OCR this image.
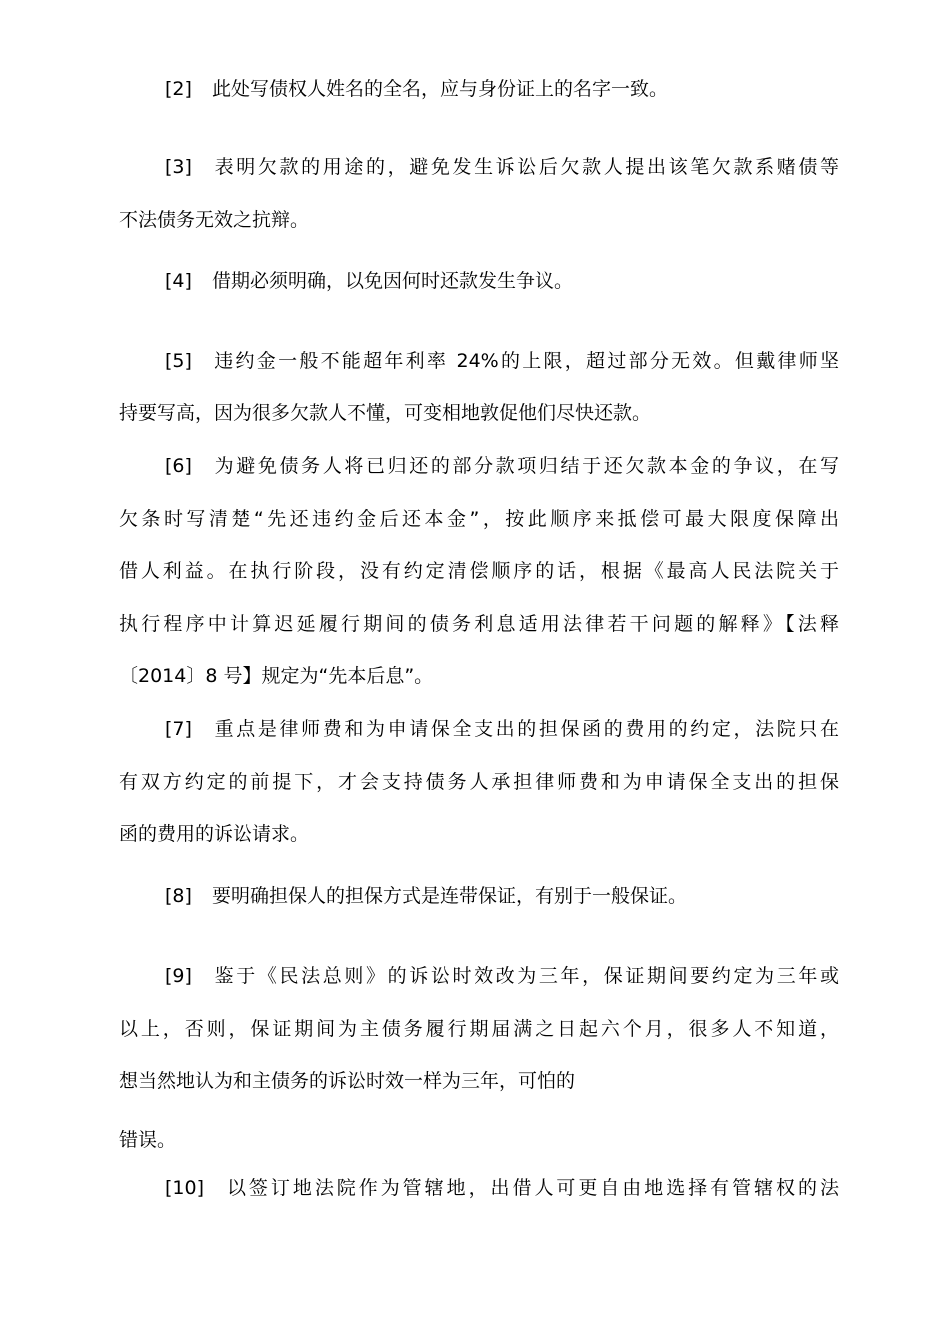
[2] 此处写债权人姓名的全名，应与身份证上的名字一致。
[3] 表明欠款的用途的，避免发生诉讼后欠款人提出该笔欠款系赌债等
不法债务无效之抗辩。
[4] 借期必须明确，以免因何时还款发生争议。
[5] 违约金一般不能超年利率 24%的上限，超过部分无效。但戴律师坚
持要写高，因为很多欠款人不懂，可变相地敦促他们尽快还款。
[6] 为避免债务人将已归还的部分款项归结于还欠款本金的争议，在写
欠条时写清楚“先还违约金后还本金”，按此顺序来抵偿可最大限度保障出
借人利益。在执行阶段，没有约定清偿顺序的话，根据《最高人民法院关于
执行程序中计算迟延履行期间的债务利息适用法律若干问题的解释》【法释
〔2014〕8 号】规定为“先本后息”。
[7] 重点是律师费和为申请保全支出的担保函的费用的约定，法院只在
有双方约定的前提下，才会支持债务人承担律师费和为申请保全支出的担保
函的费用的诉讼请求。
[8] 要明确担保人的担保方式是连带保证，有别于一般保证。
[9] 鉴于《民法总则》的诉讼时效改为三年，保证期间要约定为三年或
以上，否则，保证期间为主债务履行期届满之日起六个月，很多人不知道，
想当然地认为和主债务的诉讼时效一样为三年，可怕的
错误。
[10] 以签订地法院作为管辖地，出借人可更自由地选择有管辖权的法
